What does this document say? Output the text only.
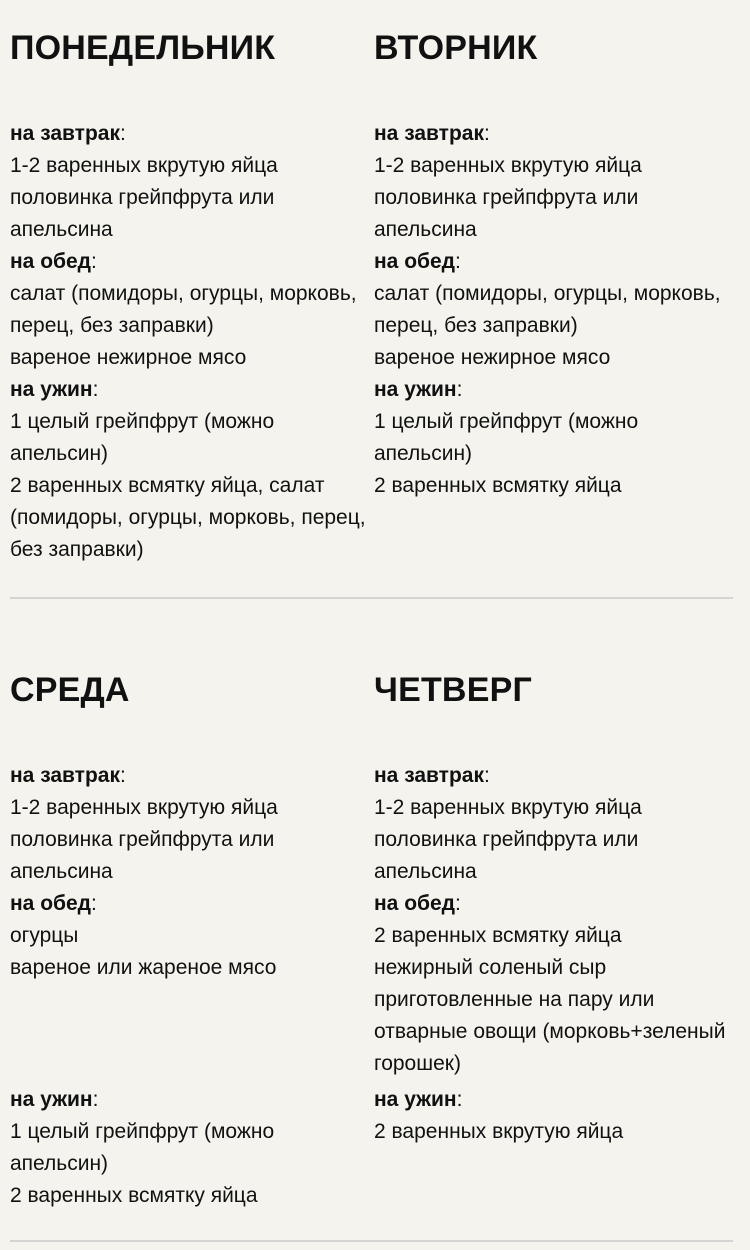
ПОНЕДЕЛЬНИК

на завтрак:

1-2 варенных вкрутую яйца

половинка грейпфрута или апельсина

на обед:

салат (помидоры, огурцы, морковь, перец, без заправки)

вареное нежирное мясо

на ужин:

1 целый грейпфрут (можно апельсин)

2 варенных всмятку яйца, салат (помидоры, огурцы, морковь, перец, без заправки)

ВТОРНИК

на завтрак:

1-2 варенных вкрутую яйца

половинка грейпфрута или апельсина

на обед:

салат (помидоры, огурцы, морковь, перец, без заправки)

вареное нежирное мясо

на ужин:

1 целый грейпфрут (можно апельсин)

2 варенных всмятку яйца

СРЕДА

на завтрак:

1-2 варенных вкрутую яйца

половинка грейпфрута или апельсина

на обед:

огурцы

вареное или жареное мясо

на ужин:

1 целый грейпфрут (можно апельсин)

2 варенных всмятку яйца

ЧЕТВЕРГ

на завтрак:

1-2 варенных вкрутую яйца

половинка грейпфрута или апельсина

на обед:

2 варенных всмятку яйца

нежирный соленый сыр

приготовленные на пару или отварные овощи (морковь+зеленый горошек)

на ужин:

2 варенных вкрутую яйца
